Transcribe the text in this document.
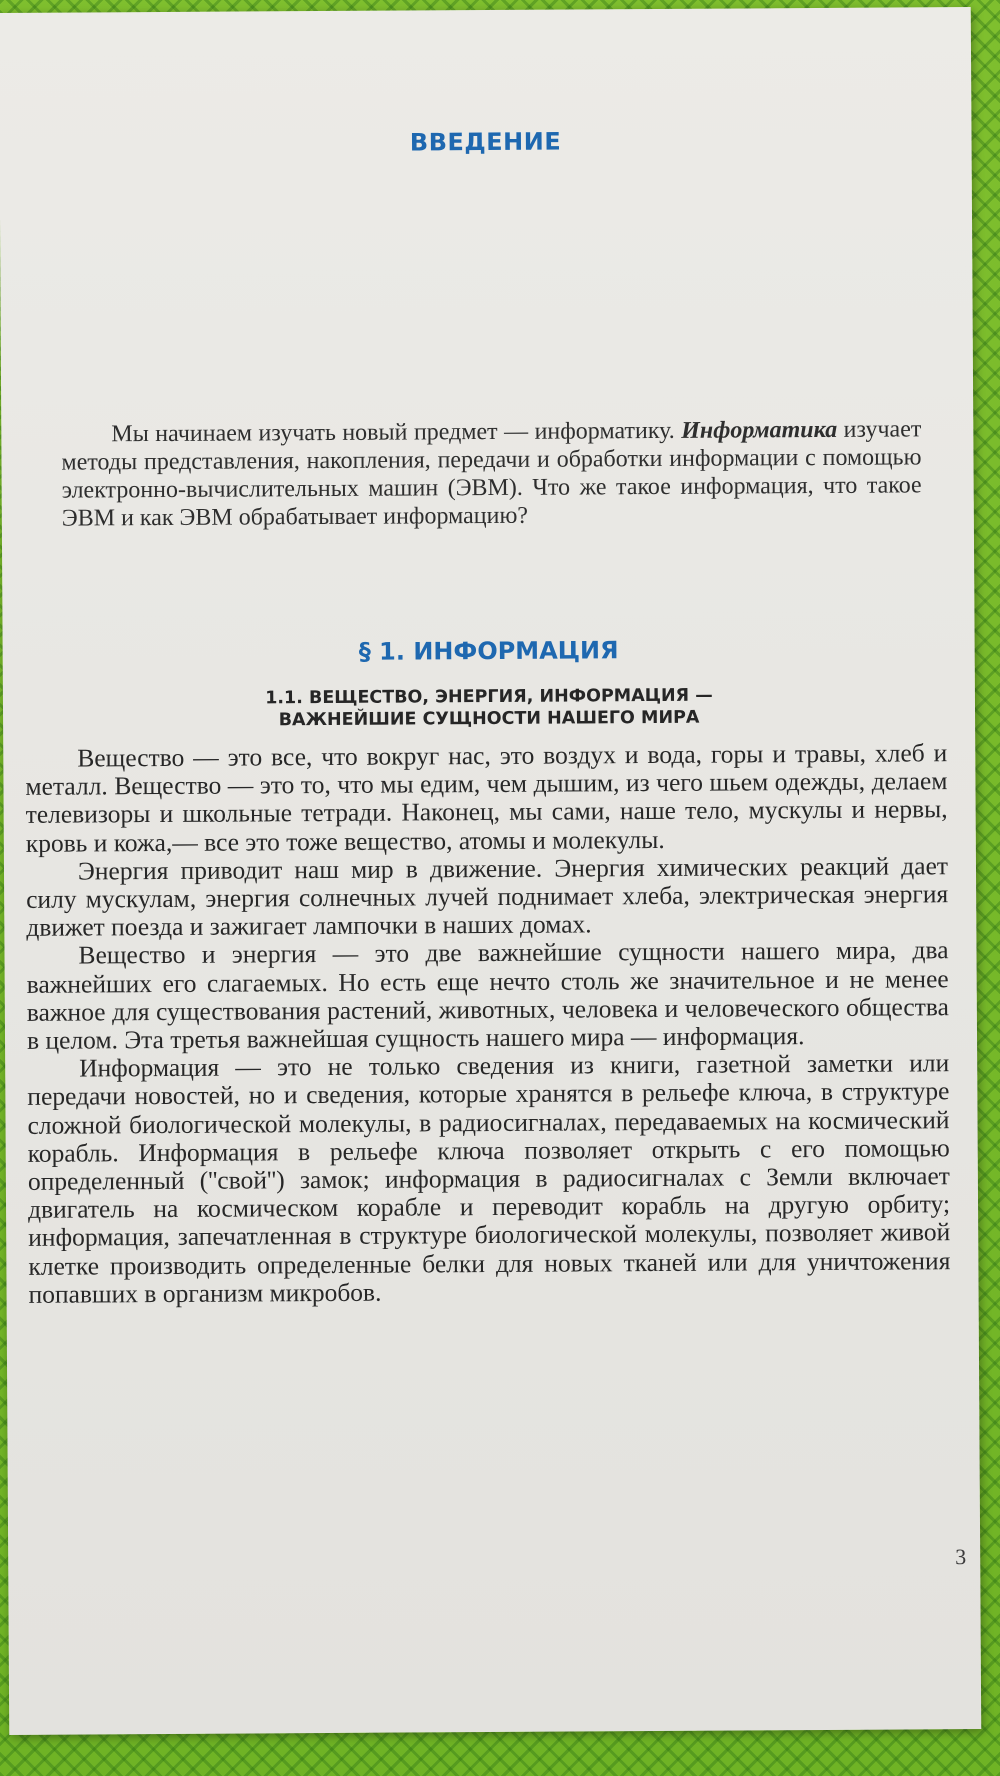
ВВЕДЕНИЕ

Мы начинаем изучать новый предмет — информатику. Информатика изучает методы представления, накопления, передачи и обработки информации с помощью электронно-вычислительных машин (ЭВМ). Что же такое информация, что такое ЭВМ и как ЭВМ обрабатывает информацию?

§ 1. ИНФОРМАЦИЯ
1.1. ВЕЩЕСТВО, ЭНЕРГИЯ, ИНФОРМАЦИЯ —
ВАЖНЕЙШИЕ СУЩНОСТИ НАШЕГО МИРА

Вещество — это все, что вокруг нас, это воздух и вода, горы и травы, хлеб и металл. Вещество — это то, что мы едим, чем дышим, из чего шьем одежды, делаем телевизоры и школьные тетради. Наконец, мы сами, наше тело, мускулы и нервы, кровь и кожа,— все это тоже вещество, атомы и молекулы.

Энергия приводит наш мир в движение. Энергия химических реакций дает силу мускулам, энергия солнечных лучей поднимает хлеба, электрическая энергия движет поезда и зажигает лампочки в наших домах.

Вещество и энергия — это две важнейшие сущности нашего мира, два важнейших его слагаемых. Но есть еще нечто столь же значительное и не менее важное для существования растений, животных, человека и человеческого общества в целом. Эта третья важнейшая сущность нашего мира — информация.

Информация — это не только сведения из книги, газетной заметки или передачи новостей, но и сведения, которые хранятся в рельефе ключа, в структуре сложной биологической молекулы, в радиосигналах, передаваемых на космический корабль. Информация в рельефе ключа позволяет открыть с его помощью определенный (''свой'') замок; информация в радиосигналах с Земли включает двигатель на космическом корабле и переводит корабль на другую орбиту; информация, запечатленная в структуре биологической молекулы, позволяет живой клетке производить определенные белки для новых тканей или для уничтожения попавших в организм микробов.

3
